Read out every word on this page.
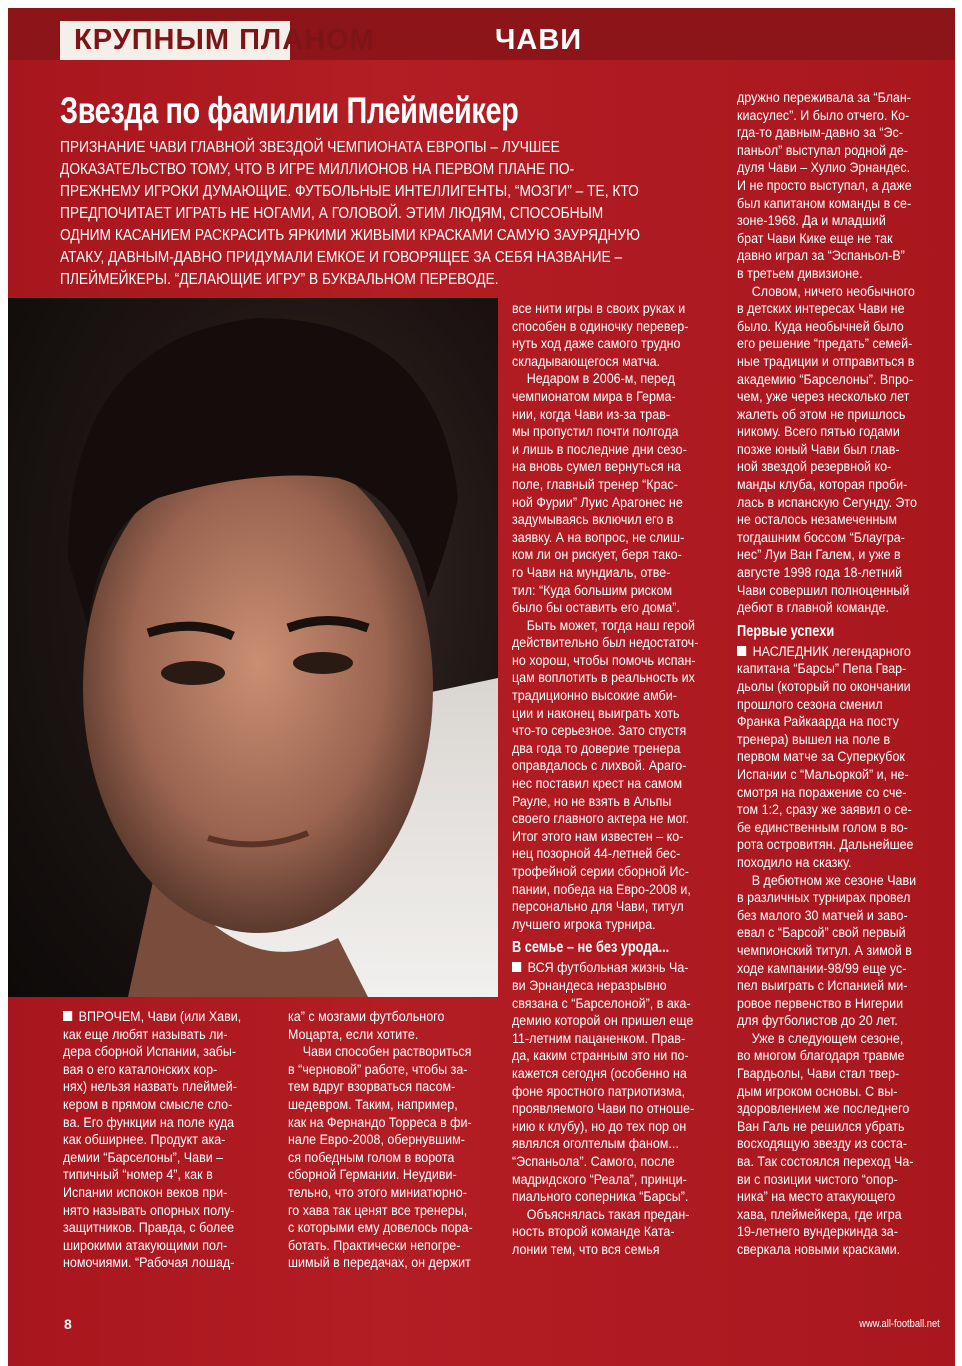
КРУПНЫМ ПЛАНОМ	ЧАВИ
Звезда по фамилии Плеймейкер
ПРИЗНАНИЕ ЧАВИ ГЛАВНОЙ ЗВЕЗДОЙ ЧЕМПИОНАТА ЕВРОПЫ – ЛУЧШЕЕ
ДОКАЗАТЕЛЬСТВО ТОМУ, ЧТО В ИГРЕ МИЛЛИОНОВ НА ПЕРВОМ ПЛАНЕ ПО-
ПРЕЖНЕМУ ИГРОКИ ДУМАЮЩИЕ. ФУТБОЛЬНЫЕ ИНТЕЛЛИГЕНТЫ, “МОЗГИ” – ТЕ, КТО
ПРЕДПОЧИТАЕТ ИГРАТЬ НЕ НОГАМИ, А ГОЛОВОЙ. ЭТИМ ЛЮДЯМ, СПОСОБНЫМ
ОДНИМ КАСАНИЕМ РАСКРАСИТЬ ЯРКИМИ ЖИВЫМИ КРАСКАМИ САМУЮ ЗАУРЯДНУЮ
АТАКУ, ДАВНЫМ-ДАВНО ПРИДУМАЛИ ЕМКОЕ И ГОВОРЯЩЕЕ ЗА СЕБЯ НАЗВАНИЕ –
ПЛЕЙМЕЙКЕРЫ. “ДЕЛАЮЩИЕ ИГРУ” В БУКВАЛЬНОМ ПЕРЕВОДЕ.
ВПРОЧЕМ, Чави (или Хави,
как еще любят называть ли-
дера сборной Испании, забы-
вая о его каталонских кор-
нях) нельзя назвать плеймей-
кером в прямом смысле сло-
ва. Его функции на поле куда
как обширнее. Продукт ака-
демии “Барселоны”, Чави –
типичный “номер 4”, как в
Испании испокон веков при-
нято называть опорных полу-
защитников. Правда, с более
широкими атакующими пол-
номочиями. “Рабочая лошад-
ка” с мозгами футбольного
Моцарта, если хотите.
Чави способен раствориться
в “черновой” работе, чтобы за-
тем вдруг взорваться пасом-
шедевром. Таким, например,
как на Фернандо Торреса в фи-
нале Евро-2008, обернувшим-
ся победным голом в ворота
сборной Германии. Неудиви-
тельно, что этого миниатюрно-
го хава так ценят все тренеры,
с которыми ему довелось пора-
ботать. Практически непогре-
шимый в передачах, он держит
все нити игры в своих руках и
способен в одиночку перевер-
нуть ход даже самого трудно
складывающегося матча.
Недаром в 2006-м, перед
чемпионатом мира в Герма-
нии, когда Чави из-за трав-
мы пропустил почти полгода
и лишь в последние дни сезо-
на вновь сумел вернуться на
поле, главный тренер “Крас-
ной Фурии” Луис Арагонес не
задумываясь включил его в
заявку. А на вопрос, не слиш-
ком ли он рискует, беря тако-
го Чави на мундиаль, отве-
тил: “Куда большим риском
было бы оставить его дома”.
Быть может, тогда наш герой
действительно был недостаточ-
но хорош, чтобы помочь испан-
цам воплотить в реальность их
традиционно высокие амби-
ции и наконец выиграть хоть
что-то серьезное. Зато спустя
два года то доверие тренера
оправдалось с лихвой. Араго-
нес поставил крест на самом
Рауле, но не взять в Альпы
своего главного актера не мог.
Итог этого нам известен – ко-
нец позорной 44-летней бес-
трофейной серии сборной Ис-
пании, победа на Евро-2008 и,
персонально для Чави, титул
лучшего игрока турнира.
В семье – не без урода...
ВСЯ футбольная жизнь Ча-
ви Эрнандеса неразрывно
связана с “Барселоной”, в ака-
демию которой он пришел еще
11-летним пацаненком. Прав-
да, каким странным это ни по-
кажется сегодня (особенно на
фоне яростного патриотизма,
проявляемого Чави по отноше-
нию к клубу), но до тех пор он
являлся оголтелым фаном...
“Эспаньола”. Самого, после
мадридского “Реала”, принци-
пиального соперника “Барсы”.
Объяснялась такая предан-
ность второй команде Ката-
лонии тем, что вся семья
дружно переживала за “Блан-
киасулес”. И было отчего. Ко-
гда-то давным-давно за “Эс-
паньол” выступал родной де-
дуля Чави – Хулио Эрнандес.
И не просто выступал, а даже
был капитаном команды в се-
зоне-1968. Да и младший
брат Чави Кике еще не так
давно играл за “Эспаньол-В”
в третьем дивизионе.
Словом, ничего необычного
в детских интересах Чави не
было. Куда необычней было
его решение “предать” семей-
ные традиции и отправиться в
академию “Барселоны”. Впро-
чем, уже через несколько лет
жалеть об этом не пришлось
никому. Всего пятью годами
позже юный Чави был глав-
ной звездой резервной ко-
манды клуба, которая проби-
лась в испанскую Сегунду. Это
не осталось незамеченным
тогдашним боссом “Блаугра-
нес” Луи Ван Галем, и уже в
августе 1998 года 18-летний
Чави совершил полноценный
дебют в главной команде.
Первые успехи
НАСЛЕДНИК легендарного
капитана “Барсы” Пепа Гвар-
дьолы (который по окончании
прошлого сезона сменил
Франка Райкаарда на посту
тренера) вышел на поле в
первом матче за Суперкубок
Испании с “Мальоркой” и, не-
смотря на поражение со сче-
том 1:2, сразу же заявил о се-
бе единственным голом в во-
рота островитян. Дальнейшее
походило на сказку.
В дебютном же сезоне Чави
в различных турнирах провел
без малого 30 матчей и заво-
евал с “Барсой” свой первый
чемпионский титул. А зимой в
ходе кампании-98/99 еще ус-
пел выиграть с Испанией ми-
ровое первенство в Нигерии
для футболистов до 20 лет.
Уже в следующем сезоне,
во многом благодаря травме
Гвардьолы, Чави стал твер-
дым игроком основы. С вы-
здоровлением же последнего
Ван Галь не решился убрать
восходящую звезду из соста-
ва. Так состоялся переход Ча-
ви с позиции чистого “опор-
ника” на место атакующего
хава, плеймейкера, где игра
19-летнего вундеркинда за-
сверкала новыми красками.
8	www.all-football.net
